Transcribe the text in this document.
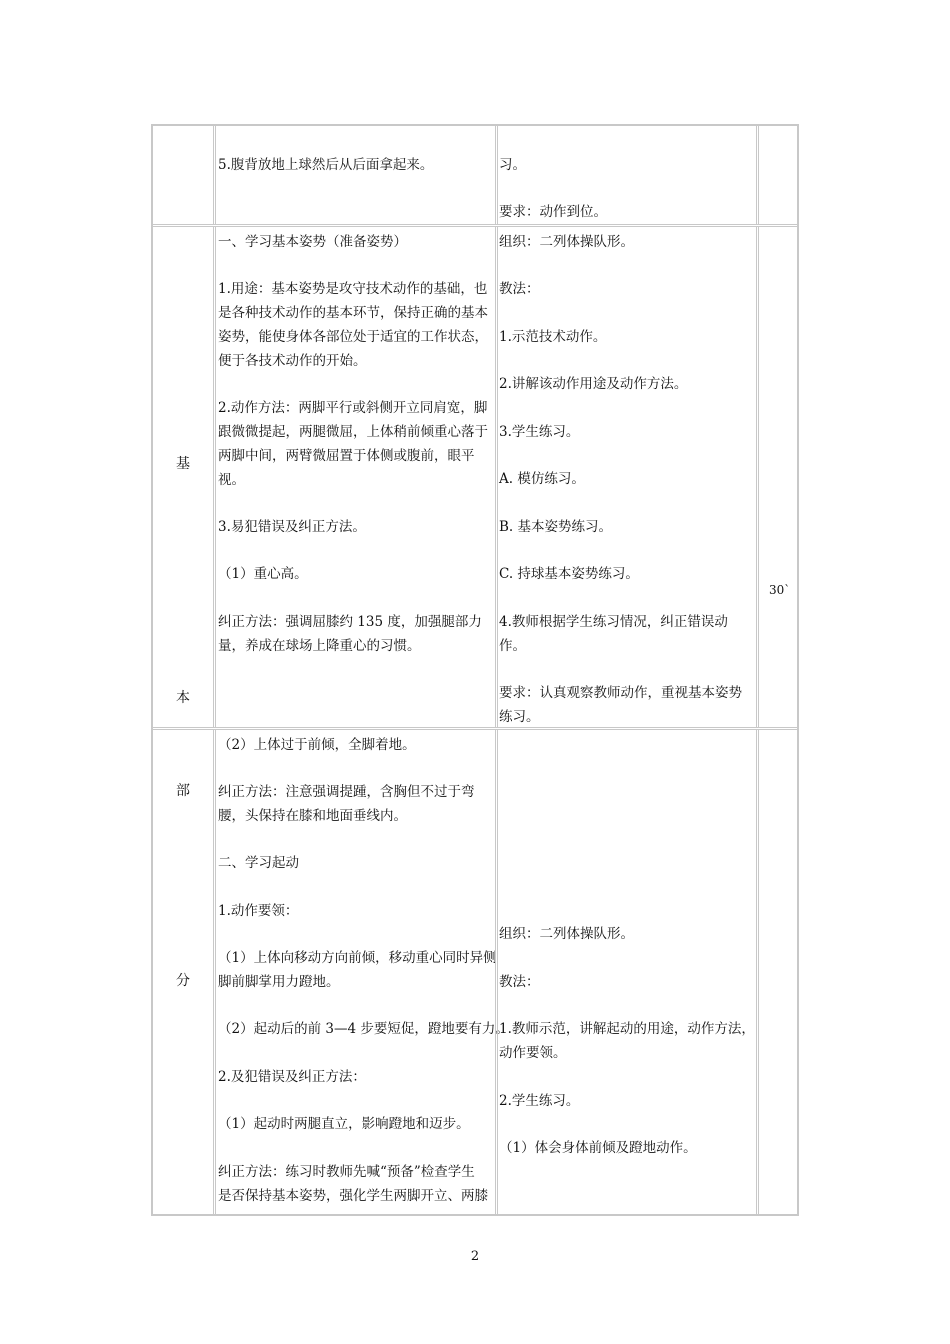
5.腹背放地上球然后从后面拿起来。	习。
要求：动作到位。
基
本
一、学习基本姿势（准备姿势）
1.用途：基本姿势是攻守技术动作的基础，也
是各种技术动作的基本环节，保持正确的基本
姿势，能使身体各部位处于适宜的工作状态，
便于各技术动作的开始。
2.动作方法：两脚平行或斜侧开立同肩宽，脚
跟微微提起，两腿微屈，上体稍前倾重心落于
两脚中间，两臂微屈置于体侧或腹前，眼平
视。
3.易犯错误及纠正方法。
（1）重心高。
纠正方法：强调屈膝约 135 度，加强腿部力
量，养成在球场上降重心的习惯。
组织：二列体操队形。
教法：
1.示范技术动作。
2.讲解该动作用途及动作方法。
3.学生练习。
A. 模仿练习。
B. 基本姿势练习。
C. 持球基本姿势练习。
4.教师根据学生练习情况，纠正错误动
作。
要求：认真观察教师动作，重视基本姿势
练习。
30`
部
分
（2）上体过于前倾，全脚着地。
纠正方法：注意强调提踵，含胸但不过于弯
腰，头保持在膝和地面垂线内。
二、学习起动
1.动作要领：
（1）上体向移动方向前倾，移动重心同时异侧
脚前脚掌用力蹬地。
（2）起动后的前 3—4 步要短促，蹬地要有力。
2.及犯错误及纠正方法：
（1）起动时两腿直立，影响蹬地和迈步。
纠正方法：练习时教师先喊“预备”检查学生
是否保持基本姿势，强化学生两脚开立、两膝
组织：二列体操队形。
教法：
1.教师示范，讲解起动的用途，动作方法，
动作要领。
2.学生练习。
（1）体会身体前倾及蹬地动作。
2
